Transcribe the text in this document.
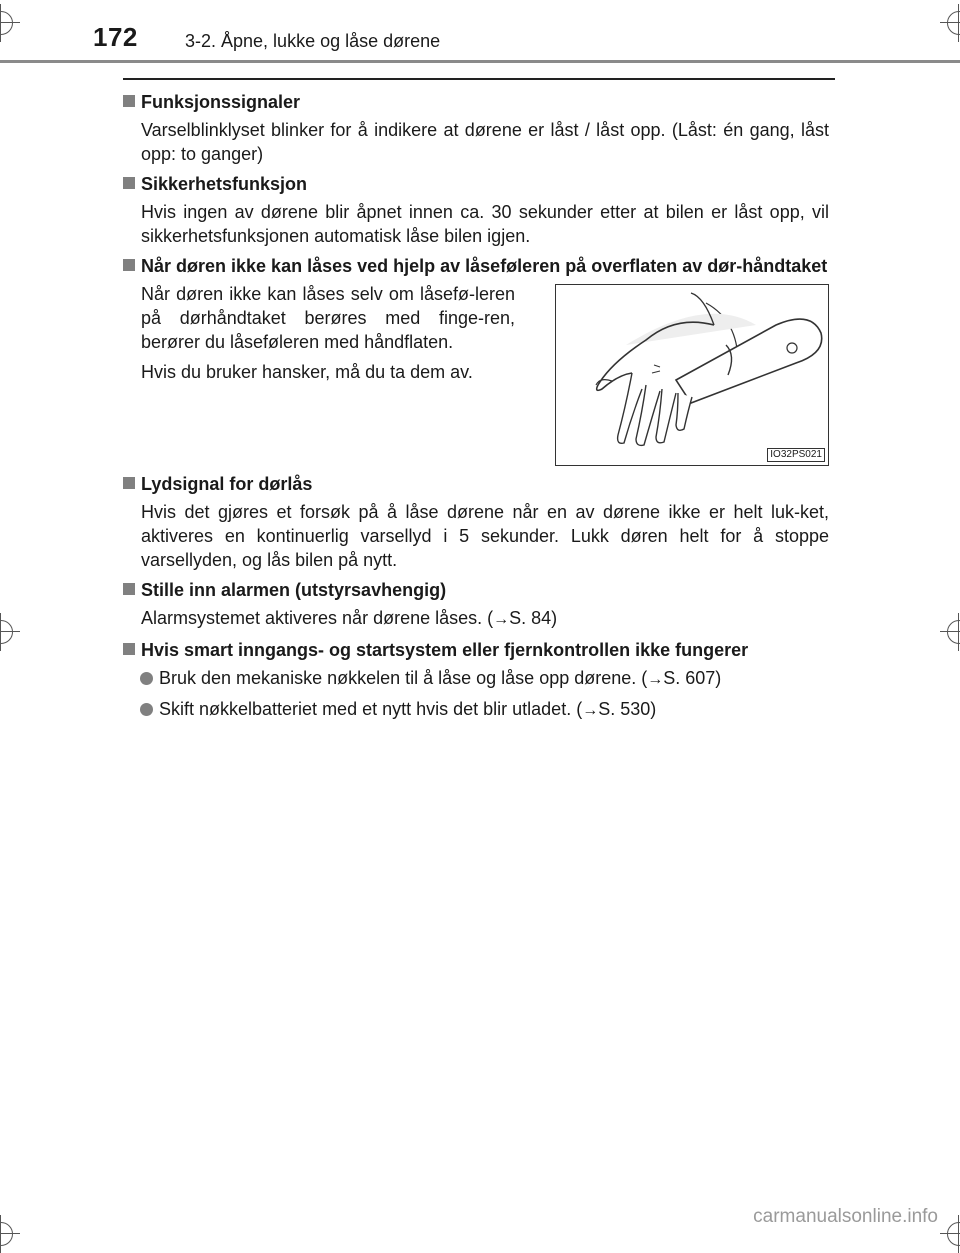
172	3-2. Åpne, lukke og låse dørene
Funksjonssignaler

Varselblinklyset blinker for å indikere at dørene er låst / låst opp. (Låst: én gang, låst opp: to ganger)

Sikkerhetsfunksjon

Hvis ingen av dørene blir åpnet innen ca. 30 sekunder etter at bilen er låst opp, vil sikkerhetsfunksjonen automatisk låse bilen igjen.

Når døren ikke kan låses ved hjelp av låseføleren på overflaten av dør-håndtaket

Når døren ikke kan låses selv om låsefø-leren på dørhåndtaket berøres med finge-ren, berører du låseføleren med håndflaten.

Hvis du bruker hansker, må du ta dem av.

IO32PS021
Lydsignal for dørlås

Hvis det gjøres et forsøk på å låse dørene når en av dørene ikke er helt luk-ket, aktiveres en kontinuerlig varsellyd i 5 sekunder. Lukk døren helt for å stoppe varsellyden, og lås bilen på nytt.

Stille inn alarmen (utstyrsavhengig)

Alarmsystemet aktiveres når dørene låses. (→S. 84)

Hvis smart inngangs- og startsystem eller fjernkontrollen ikke fungerer

Bruk den mekaniske nøkkelen til å låse og låse opp dørene. (→S. 607)

Skift nøkkelbatteriet med et nytt hvis det blir utladet. (→S. 530)

carmanualsonline.info
